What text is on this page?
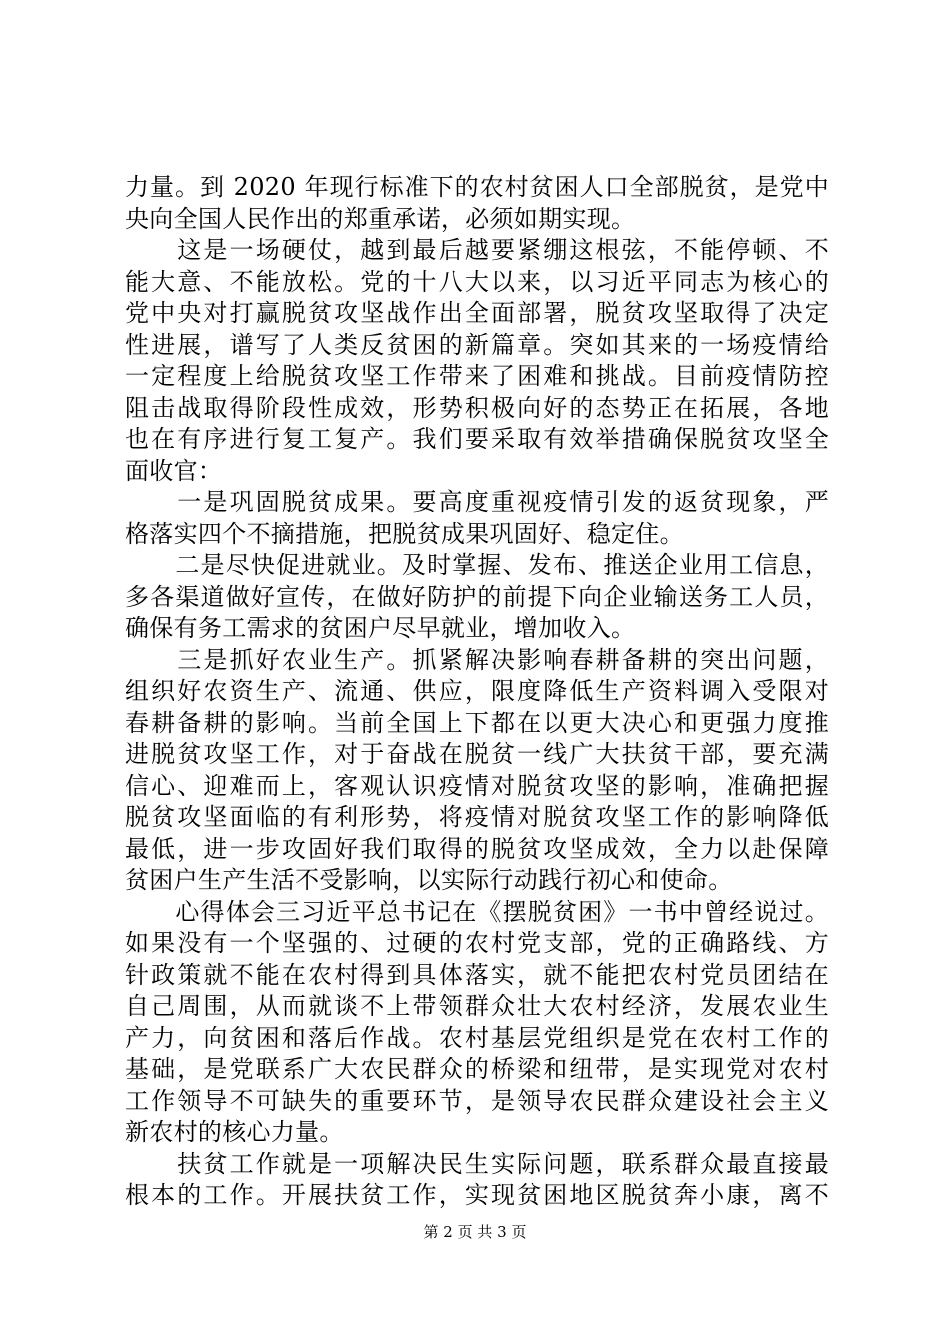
力量。到 2020 年现行标准下的农村贫困人口全部脱贫，是党中
央向全国人民作出的郑重承诺，必须如期实现。
　　这是一场硬仗，越到最后越要紧绷这根弦，不能停顿、不
能大意、不能放松。党的十八大以来，以习近平同志为核心的
党中央对打赢脱贫攻坚战作出全面部署，脱贫攻坚取得了决定
性进展，谱写了人类反贫困的新篇章。突如其来的一场疫情给
一定程度上给脱贫攻坚工作带来了困难和挑战。目前疫情防控
阻击战取得阶段性成效，形势积极向好的态势正在拓展，各地
也在有序进行复工复产。我们要采取有效举措确保脱贫攻坚全
面收官：
　　一是巩固脱贫成果。要高度重视疫情引发的返贫现象，严
格落实四个不摘措施，把脱贫成果巩固好、稳定住。
　　二是尽快促进就业。及时掌握、发布、推送企业用工信息，
多各渠道做好宣传，在做好防护的前提下向企业输送务工人员，
确保有务工需求的贫困户尽早就业，增加收入。
　　三是抓好农业生产。抓紧解决影响春耕备耕的突出问题，
组织好农资生产、流通、供应，限度降低生产资料调入受限对
春耕备耕的影响。当前全国上下都在以更大决心和更强力度推
进脱贫攻坚工作，对于奋战在脱贫一线广大扶贫干部，要充满
信心、迎难而上，客观认识疫情对脱贫攻坚的影响，准确把握
脱贫攻坚面临的有利形势，将疫情对脱贫攻坚工作的影响降低
最低，进一步攻固好我们取得的脱贫攻坚成效，全力以赴保障
贫困户生产生活不受影响，以实际行动践行初心和使命。
　　心得体会三习近平总书记在《摆脱贫困》一书中曾经说过。
如果没有一个坚强的、过硬的农村党支部，党的正确路线、方
针政策就不能在农村得到具体落实，就不能把农村党员团结在
自己周围，从而就谈不上带领群众壮大农村经济，发展农业生
产力，向贫困和落后作战。农村基层党组织是党在农村工作的
基础，是党联系广大农民群众的桥梁和纽带，是实现党对农村
工作领导不可缺失的重要环节，是领导农民群众建设社会主义
新农村的核心力量。
　　扶贫工作就是一项解决民生实际问题，联系群众最直接最
根本的工作。开展扶贫工作，实现贫困地区脱贫奔小康，离不
第 2 页 共 3 页
